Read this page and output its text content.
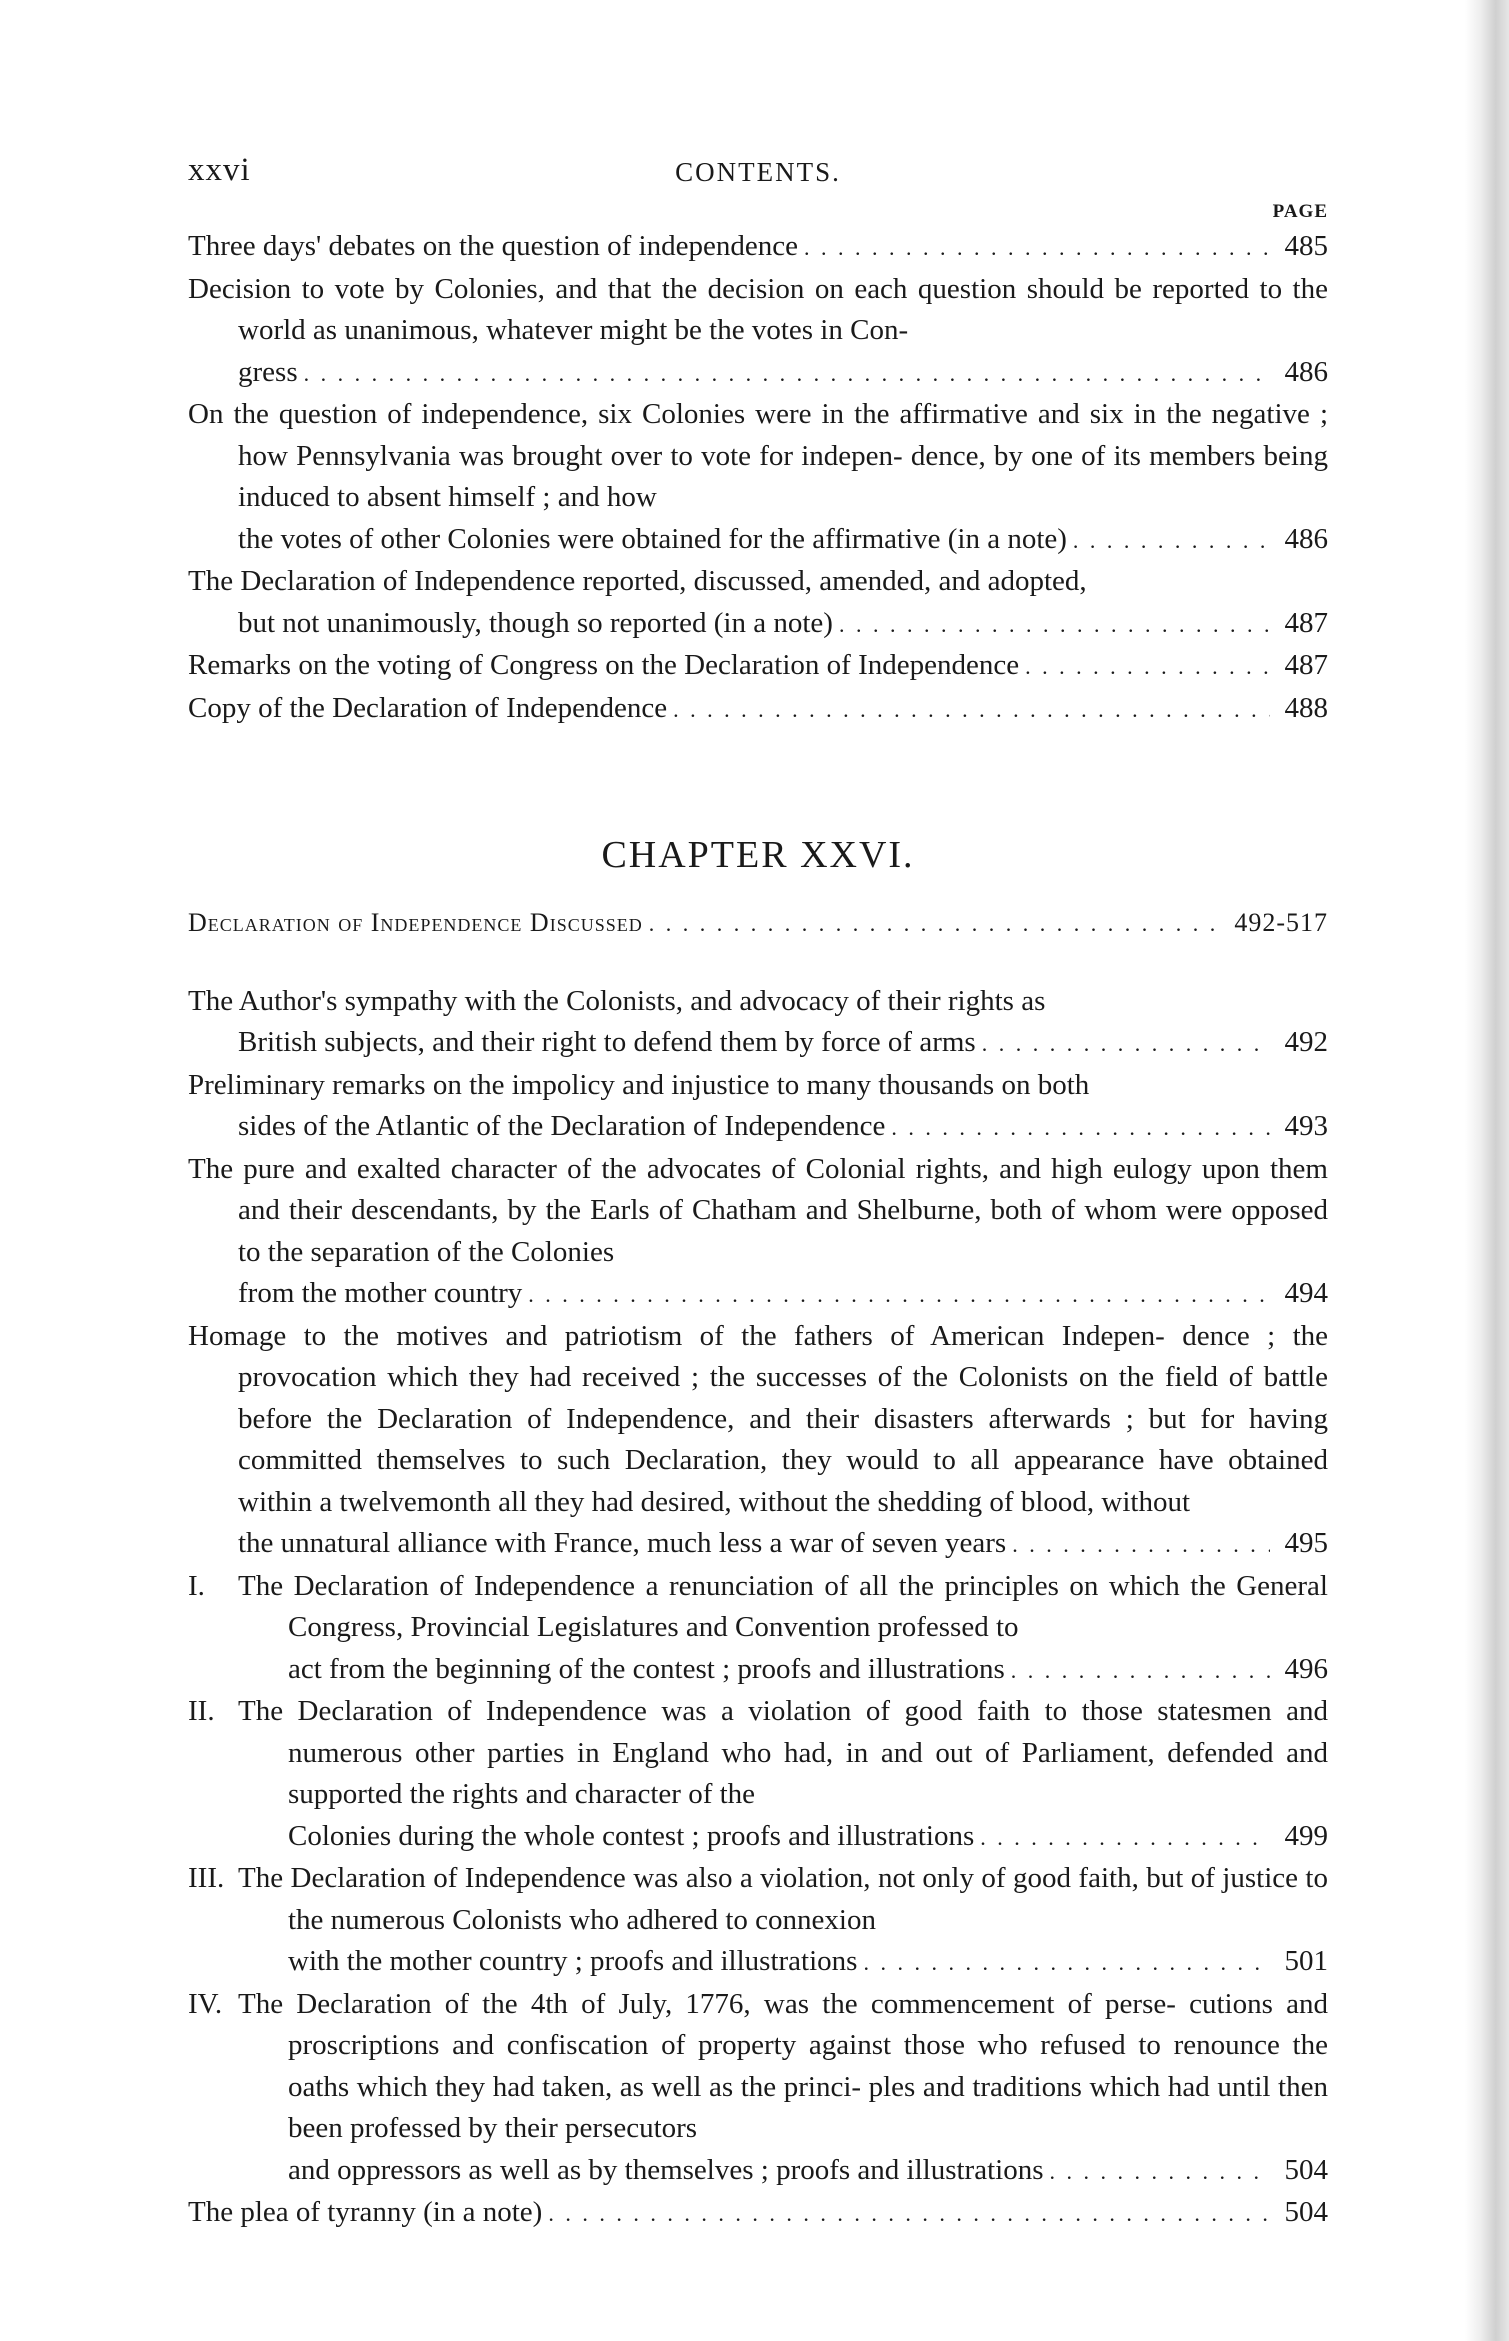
xxvi	CONTENTS.
PAGE
Three days' debates on the question of independence . . .	485
Decision to vote by Colonies, and that the decision on each question should be reported to the world as unanimous, whatever might be the votes in Con-
gress . . .	486
On the question of independence, six Colonies were in the affirmative and six in the negative ; how Pennsylvania was brought over to vote for indepen- dence, by one of its members being induced to absent himself ; and how
the votes of other Colonies were obtained for the affirmative (in a note) . . .	486
The Declaration of Independence reported, discussed, amended, and adopted,
but not unanimously, though so reported (in a note) . . .	487
Remarks on the voting of Congress on the Declaration of Independence . . .	487
Copy of the Declaration of Independence . . .	488
CHAPTER XXVI.
Declaration of Independence Discussed . . .	492-517
The Author's sympathy with the Colonists, and advocacy of their rights as
British subjects, and their right to defend them by force of arms . . .	492
Preliminary remarks on the impolicy and injustice to many thousands on both
sides of the Atlantic of the Declaration of Independence . . .	493
The pure and exalted character of the advocates of Colonial rights, and high eulogy upon them and their descendants, by the Earls of Chatham and Shelburne, both of whom were opposed to the separation of the Colonies
from the mother country . . .	494
Homage to the motives and patriotism of the fathers of American Indepen- dence ; the provocation which they had received ; the successes of the Colonists on the field of battle before the Declaration of Independence, and their disasters afterwards ; but for having committed themselves to such Declaration, they would to all appearance have obtained within a twelvemonth all they had desired, without the shedding of blood, without
the unnatural alliance with France, much less a war of seven years . . .	495
I. The Declaration of Independence a renunciation of all the principles on which the General Congress, Provincial Legislatures and Convention professed to
act from the beginning of the contest ; proofs and illustrations . . .	496
II. The Declaration of Independence was a violation of good faith to those statesmen and numerous other parties in England who had, in and out of Parliament, defended and supported the rights and character of the
Colonies during the whole contest ; proofs and illustrations . . .	499
III. The Declaration of Independence was also a violation, not only of good faith, but of justice to the numerous Colonists who adhered to connexion
with the mother country ; proofs and illustrations . . .	501
IV. The Declaration of the 4th of July, 1776, was the commencement of perse- cutions and proscriptions and confiscation of property against those who refused to renounce the oaths which they had taken, as well as the princi- ples and traditions which had until then been professed by their persecutors
and oppressors as well as by themselves ; proofs and illustrations . . .	504
The plea of tyranny (in a note) . . .	504
